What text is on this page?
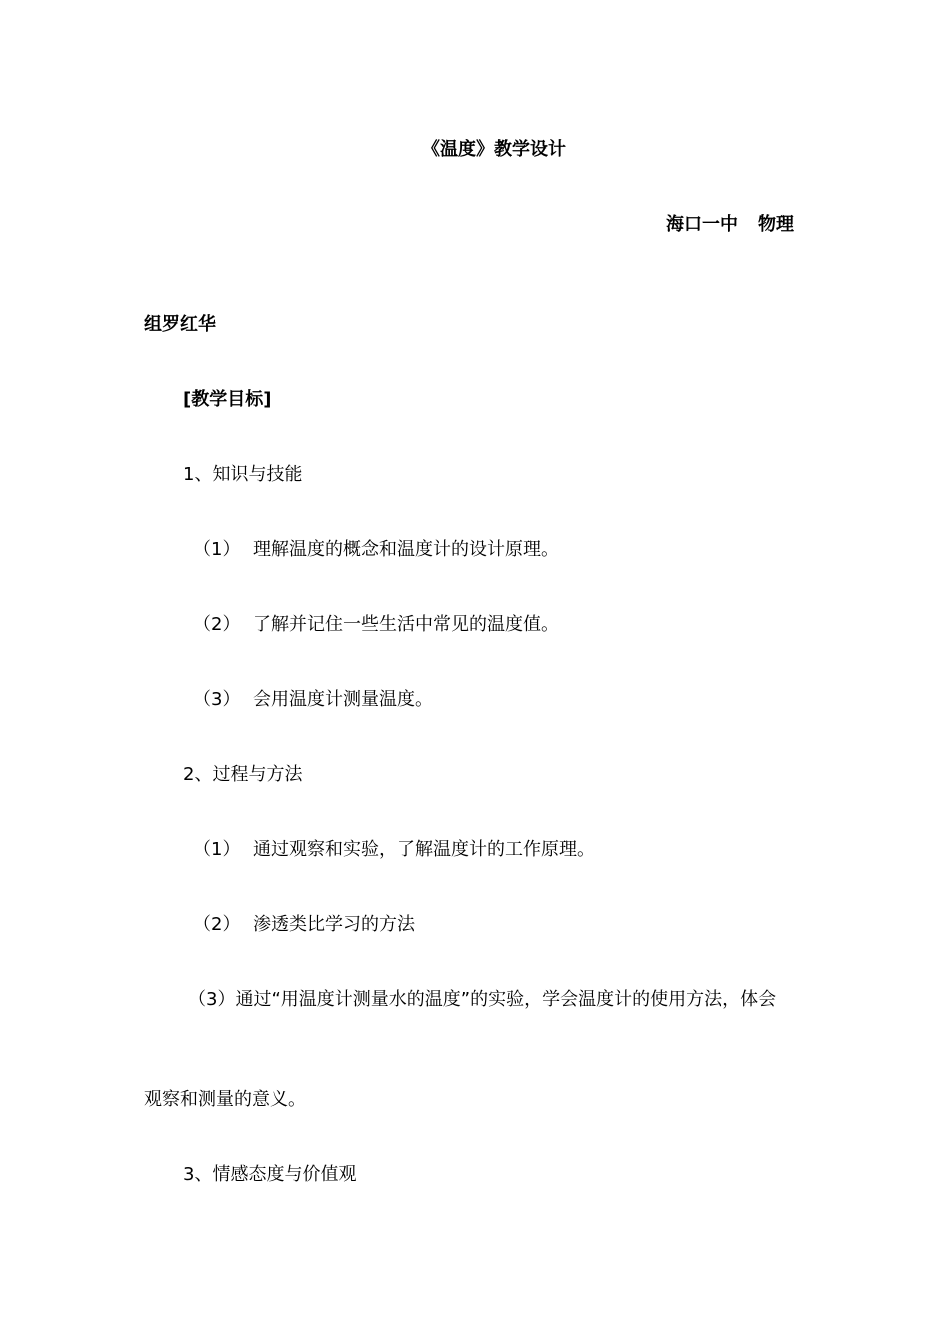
《温度》教学设计
海口一中 物理
组罗红华
[教学目标]
1、知识与技能
（1） 理解温度的概念和温度计的设计原理。
（2） 了解并记住一些生活中常见的温度值。
（3） 会用温度计测量温度。
2、过程与方法
（1） 通过观察和实验，了解温度计的工作原理。
（2） 渗透类比学习的方法
（3）通过“用温度计测量水的温度”的实验，学会温度计的使用方法，体会
观察和测量的意义。
3、情感态度与价值观
